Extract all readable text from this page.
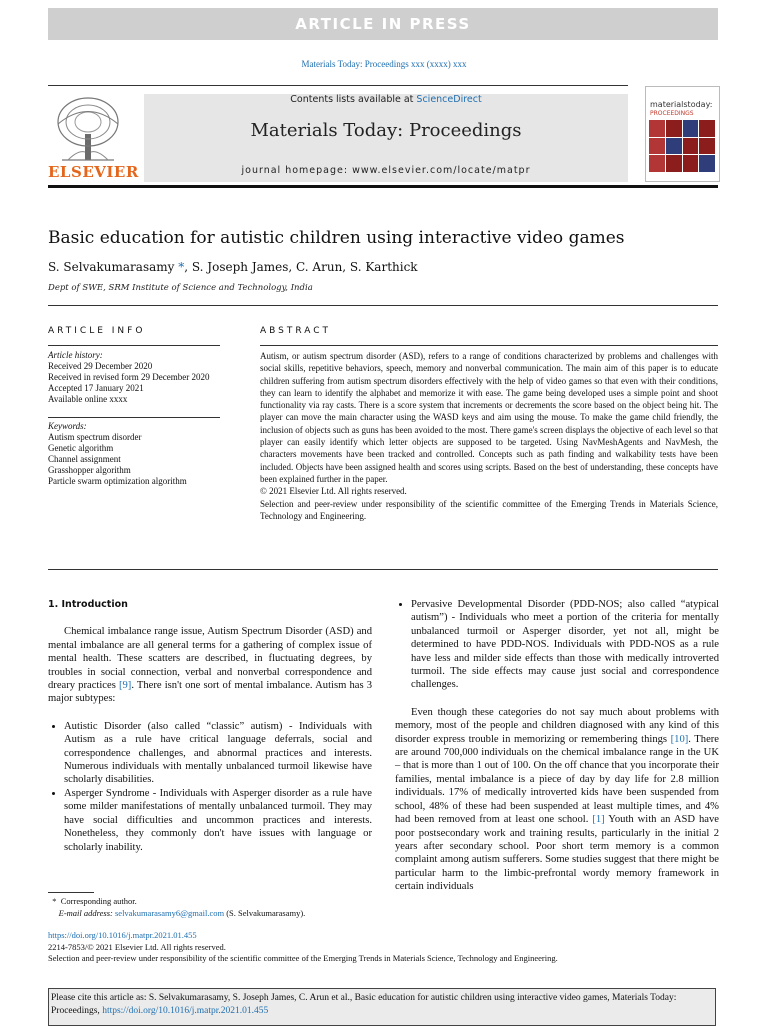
ARTICLE IN PRESS
Materials Today: Proceedings xxx (xxxx) xxx
ELSEVIER
Contents lists available at ScienceDirect
Materials Today: Proceedings
journal homepage: www.elsevier.com/locate/matpr
materialstoday:
PROCEEDINGS
Basic education for autistic children using interactive video games
S. Selvakumarasamy *, S. Joseph James, C. Arun, S. Karthick
Dept of SWE, SRM Institute of Science and Technology, India
ARTICLE INFO	ABSTRACT
Article history:
Received 29 December 2020
Received in revised form 29 December 2020
Accepted 17 January 2021
Available online xxxx
Keywords:
Autism spectrum disorder
Genetic algorithm
Channel assignment
Grasshopper algorithm
Particle swarm optimization algorithm

Autism, or autism spectrum disorder (ASD), refers to a range of conditions characterized by problems and challenges with social skills, repetitive behaviors, speech, memory and nonverbal communication. The main aim of this paper is to educate children suffering from autism spectrum disorders effectively with the help of video games so that even with their conditions, they can learn to identify the alphabet and memorize it with ease. The game being developed uses a simple point and shoot functionality via ray casts. There is a score system that increments or decrements the score based on the object being hit. The player can move the main character using the WASD keys and aim using the mouse. To make the game child friendly, the inclusion of objects such as guns has been avoided to the most. There game's screen displays the objective of each level so that player can easily identify which letter objects are supposed to be targeted. Using NavMeshAgents and NavMesh, the characters movements have been tracked and controlled. Concepts such as path finding and walkability tests have been included. Objects have been assigned health and scores using scripts. Based on the best of understanding, these concepts have been explained further in the paper.

© 2021 Elsevier Ltd. All rights reserved.

Selection and peer-review under responsibility of the scientific committee of the Emerging Trends in Materials Science, Technology and Engineering.

1. Introduction

Chemical imbalance range issue, Autism Spectrum Disorder (ASD) and mental imbalance are all general terms for a gathering of complex issue of mental health. These scatters are described, in fluctuating degrees, by troubles in social connection, verbal and nonverbal correspondence and dreary practices [9]. There isn't one sort of mental imbalance. Autism has 3 major subtypes:

• Autistic Disorder (also called “classic” autism) - Individuals with Autism as a rule have critical language deferrals, social and correspondence challenges, and abnormal practices and interests. Numerous individuals with mentally unbalanced turmoil likewise have scholarly disabilities.
• Asperger Syndrome - Individuals with Asperger disorder as a rule have some milder manifestations of mentally unbalanced turmoil. They may have social difficulties and uncommon practices and interests. Nonetheless, they commonly don't have issues with language or scholarly inability.
• Pervasive Developmental Disorder (PDD-NOS; also called “atypical autism”) - Individuals who meet a portion of the criteria for mentally unbalanced turmoil or Asperger disorder, yet not all, might be determined to have PDD-NOS. Individuals with PDD-NOS as a rule have less and milder side effects than those with medically introverted turmoil. The side effects may cause just social and correspondence challenges.

Even though these categories do not say much about problems with memory, most of the people and children diagnosed with any kind of this disorder express trouble in memorizing or remembering things [10]. There are around 700,000 individuals on the chemical imbalance range in the UK – that is more than 1 out of 100. On the off chance that you incorporate their families, mental imbalance is a piece of day by day life for 2.8 million individuals. 17% of medically introverted kids have been suspended from school, 48% of these had been suspended at least multiple times, and 4% had been removed from at least one school. [1] Youth with an ASD have poor postsecondary work and training results, particularly in the initial 2 years after secondary school. Poor short term memory is a common complaint among autism sufferers. Some studies suggest that there might be particular harm to the limbic-prefrontal wordy memory framework in certain individuals

* Corresponding author.
E-mail address: selvakumarasamy6@gmail.com (S. Selvakumarasamy).
https://doi.org/10.1016/j.matpr.2021.01.455
2214-7853/© 2021 Elsevier Ltd. All rights reserved.
Selection and peer-review under responsibility of the scientific committee of the Emerging Trends in Materials Science, Technology and Engineering.
Please cite this article as: S. Selvakumarasamy, S. Joseph James, C. Arun et al., Basic education for autistic children using interactive video games, Materials Today: Proceedings, https://doi.org/10.1016/j.matpr.2021.01.455
